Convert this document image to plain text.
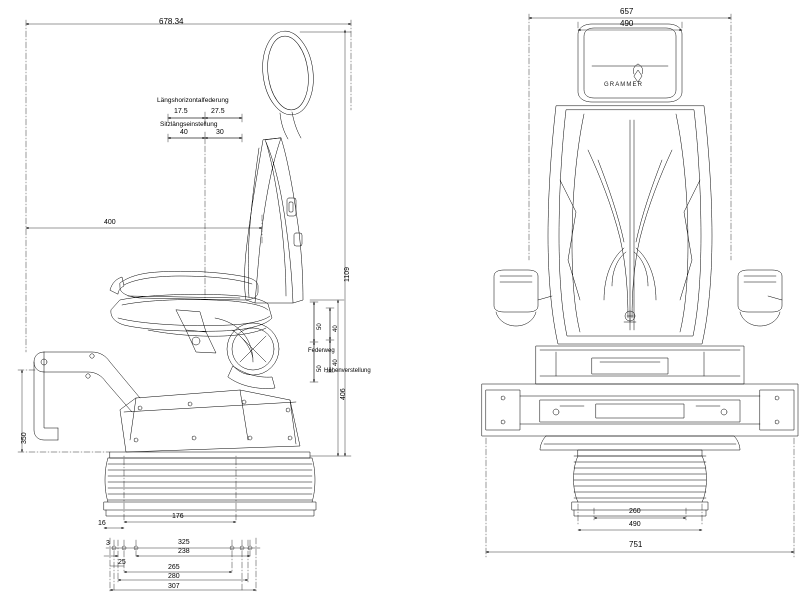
Längshorizontalfederung
Sitzlängseinstellung
678.34
17.5	27.5
40	30
400
1109
Federweg
50
50 Höhenverstellung
40
40
406
350
16
176
3
25
325
238
265
280
307
657
490
260
490
751
GRAMMER
